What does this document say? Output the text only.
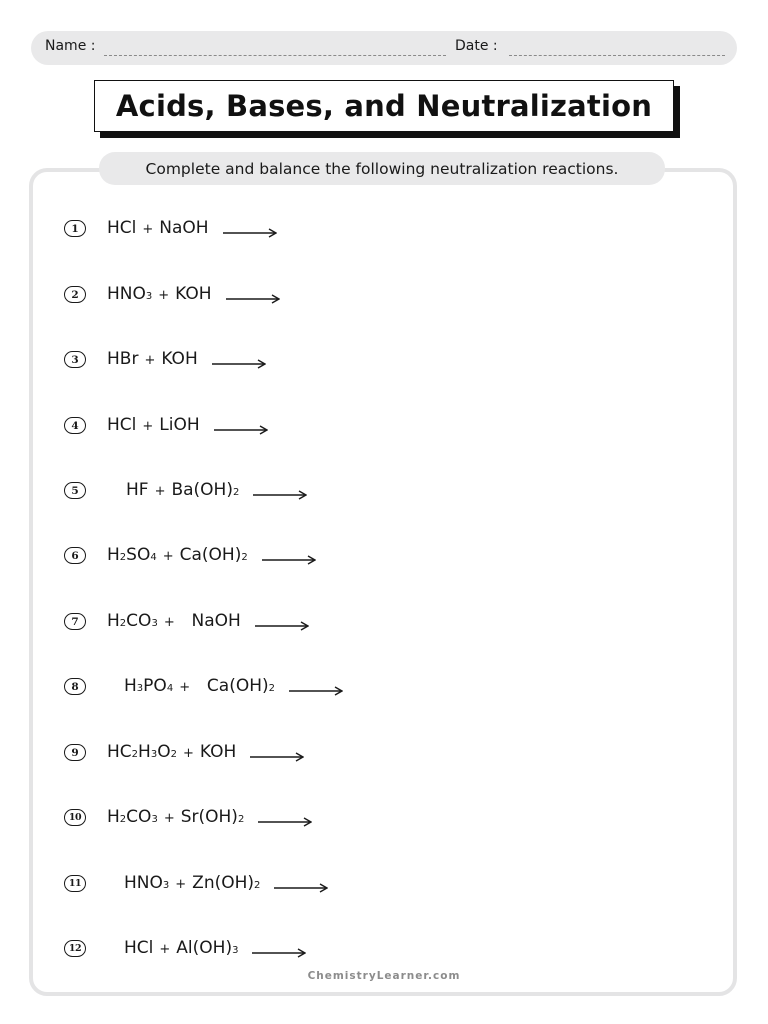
Name :	Date :
Acids, Bases, and Neutralization
Complete and balance the following neutralization reactions.
1	HCl + NaOH →
2	HNO 3 + KOH →
3	HBr + KOH →
4	HCl + LiOH →
5	HF + Ba(OH) 2 →
6	H 2 SO 4 + Ca(OH) 2 →
7	H 2 CO 3 + NaOH →
8	H 3 PO 4 + Ca(OH) 2 →
9	HC 2 H 3 O 2 + KOH →
10 H 2 CO 3 + Sr(OH) 2 →
11	HNO 3 + Zn(OH) 2 →
12	HCl + Al(OH) 3 →
ChemistryLearner.com
